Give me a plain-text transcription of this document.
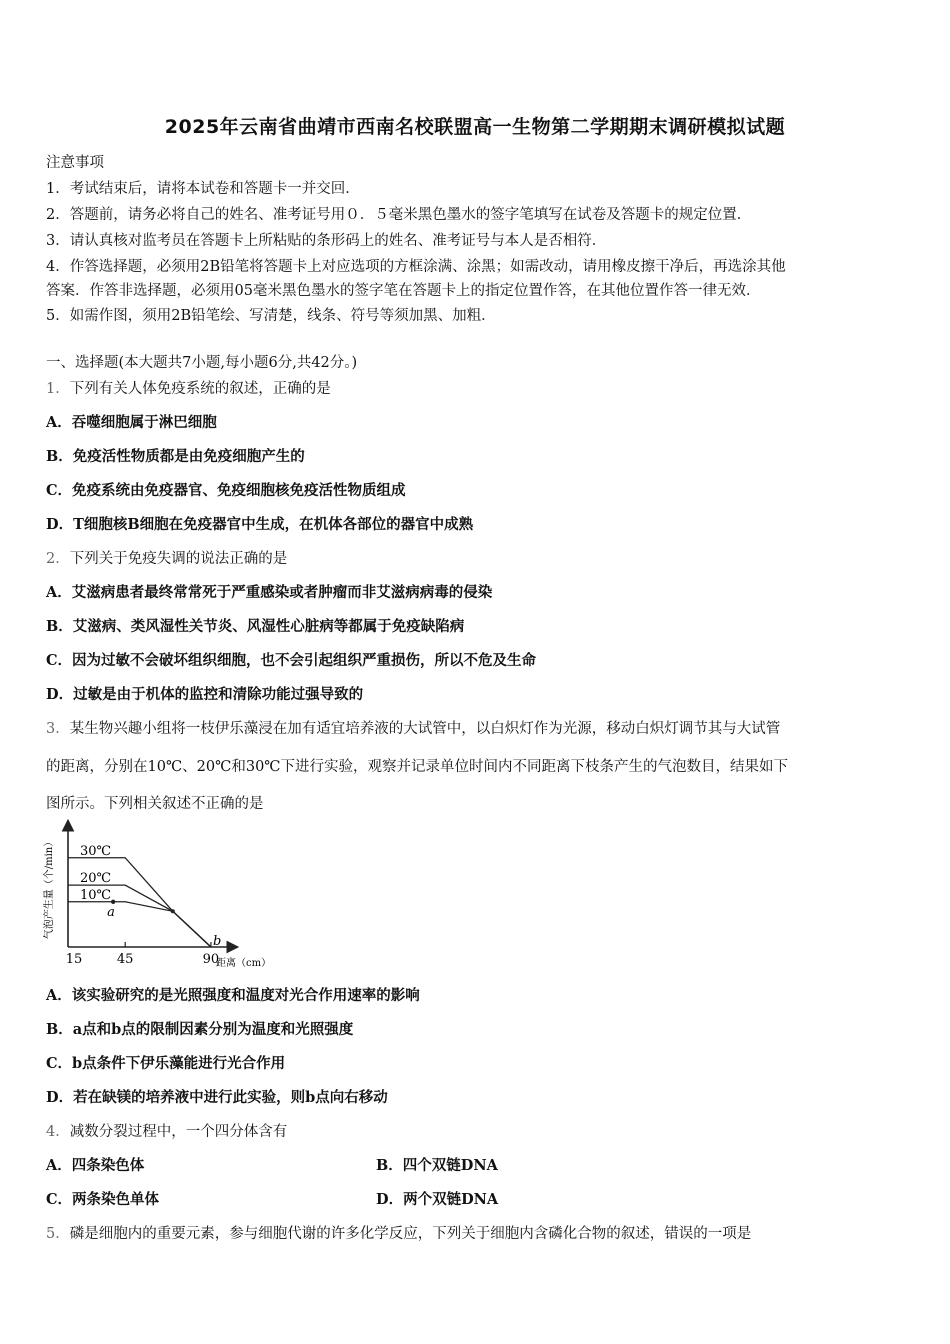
2025年云南省曲靖市西南名校联盟高一生物第二学期期末调研模拟试题
注意事项
1．考试结束后，请将本试卷和答题卡一并交回．
2．答题前，请务必将自己的姓名、准考证号用０．５毫米黑色墨水的签字笔填写在试卷及答题卡的规定位置．
3．请认真核对监考员在答题卡上所粘贴的条形码上的姓名、准考证号与本人是否相符．
4．作答选择题，必须用2B铅笔将答题卡上对应选项的方框涂满、涂黑；如需改动，请用橡皮擦干净后，再选涂其他
答案．作答非选择题，必须用05毫米黑色墨水的签字笔在答题卡上的指定位置作答，在其他位置作答一律无效．
5．如需作图，须用2B铅笔绘、写清楚，线条、符号等须加黑、加粗．
一、选择题(本大题共7小题,每小题6分,共42分。)
1．下列有关人体免疫系统的叙述，正确的是
A．吞噬细胞属于淋巴细胞
B．免疫活性物质都是由免疫细胞产生的
C．免疫系统由免疫器官、免疫细胞核免疫活性物质组成
D．T细胞核B细胞在免疫器官中生成，在机体各部位的器官中成熟
2．下列关于免疫失调的说法正确的是
A．艾滋病患者最终常常死于严重感染或者肿瘤而非艾滋病病毒的侵染
B．艾滋病、类风湿性关节炎、风湿性心脏病等都属于免疫缺陷病
C．因为过敏不会破坏组织细胞，也不会引起组织严重损伤，所以不危及生命
D．过敏是由于机体的监控和清除功能过强导致的
3．某生物兴趣小组将一枝伊乐藻浸在加有适宜培养液的大试管中，以白炽灯作为光源，移动白炽灯调节其与大试管
的距离，分别在10℃、20℃和30℃下进行实验，观察并记录单位时间内不同距离下枝条产生的气泡数目，结果如下
图所示。下列相关叙述不正确的是
30℃
20℃
10℃
a
b
15	45	90
气泡产生量（个/min）
距离（cm）
A．该实验研究的是光照强度和温度对光合作用速率的影响
B．a点和b点的限制因素分别为温度和光照强度
C．b点条件下伊乐藻能进行光合作用
D．若在缺镁的培养液中进行此实验，则b点向右移动
4．减数分裂过程中，一个四分体含有
A．四条染色体	B．四个双链DNA
C．两条染色单体	D．两个双链DNA
5．磷是细胞内的重要元素，参与细胞代谢的许多化学反应，下列关于细胞内含磷化合物的叙述，错误的一项是
